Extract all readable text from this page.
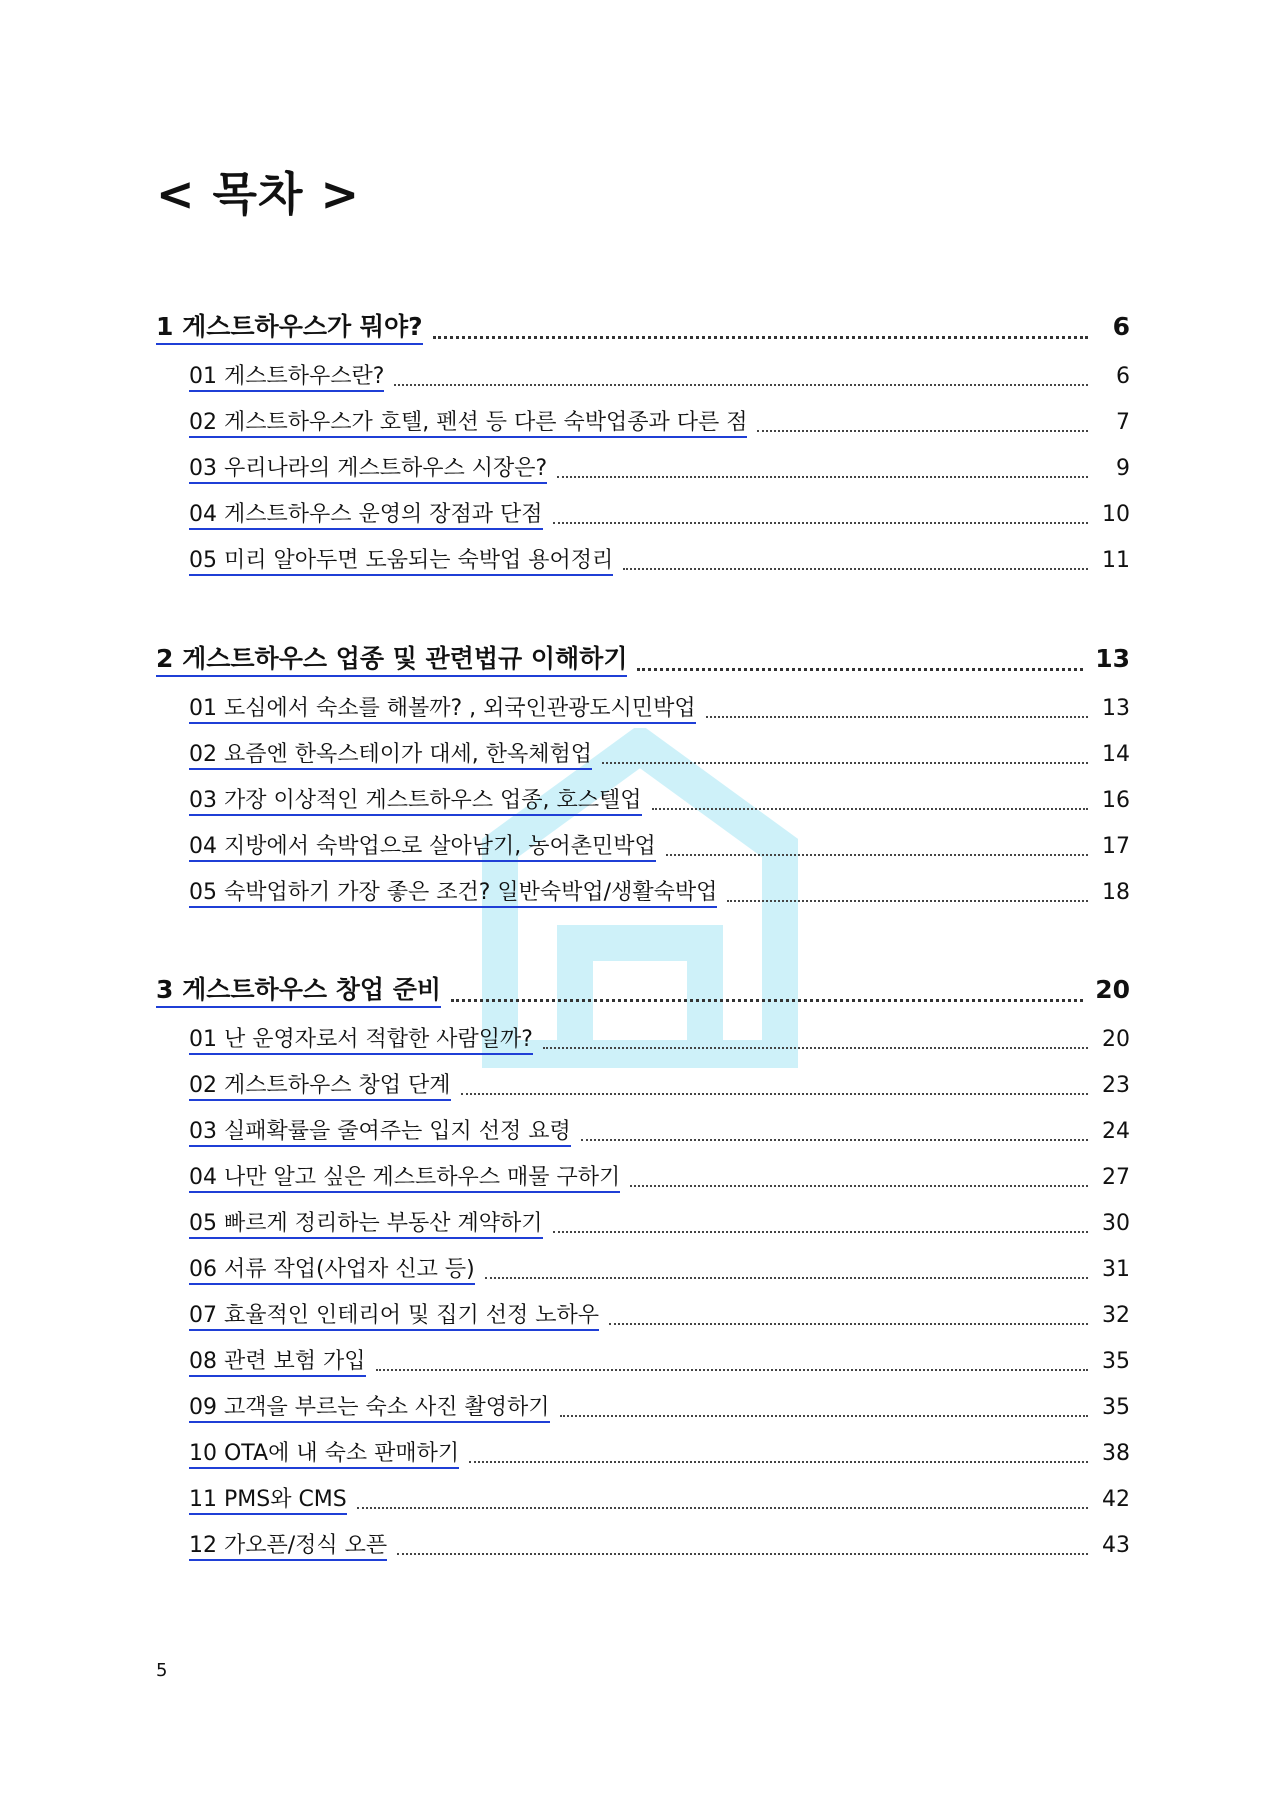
< 목차 >
1 게스트하우스가 뭐야?	6
01 게스트하우스란?	6
02 게스트하우스가 호텔, 펜션 등 다른 숙박업종과 다른 점	7
03 우리나라의 게스트하우스 시장은?	9
04 게스트하우스 운영의 장점과 단점	10
05 미리 알아두면 도움되는 숙박업 용어정리	11
2 게스트하우스 업종 및 관련법규 이해하기	13
01 도심에서 숙소를 해볼까? , 외국인관광도시민박업	13
02 요즘엔 한옥스테이가 대세, 한옥체험업	14
03 가장 이상적인 게스트하우스 업종, 호스텔업	16
04 지방에서 숙박업으로 살아남기, 농어촌민박업	17
05 숙박업하기 가장 좋은 조건? 일반숙박업/생활숙박업	18
3 게스트하우스 창업 준비	20
01 난 운영자로서 적합한 사람일까?	20
02 게스트하우스 창업 단계	23
03 실패확률을 줄여주는 입지 선정 요령	24
04 나만 알고 싶은 게스트하우스 매물 구하기	27
05 빠르게 정리하는 부동산 계약하기	30
06 서류 작업(사업자 신고 등)	31
07 효율적인 인테리어 및 집기 선정 노하우	32
08 관련 보험 가입	35
09 고객을 부르는 숙소 사진 촬영하기	35
10 OTA에 내 숙소 판매하기	38
11 PMS와 CMS	42
12 가오픈/정식 오픈	43
5
